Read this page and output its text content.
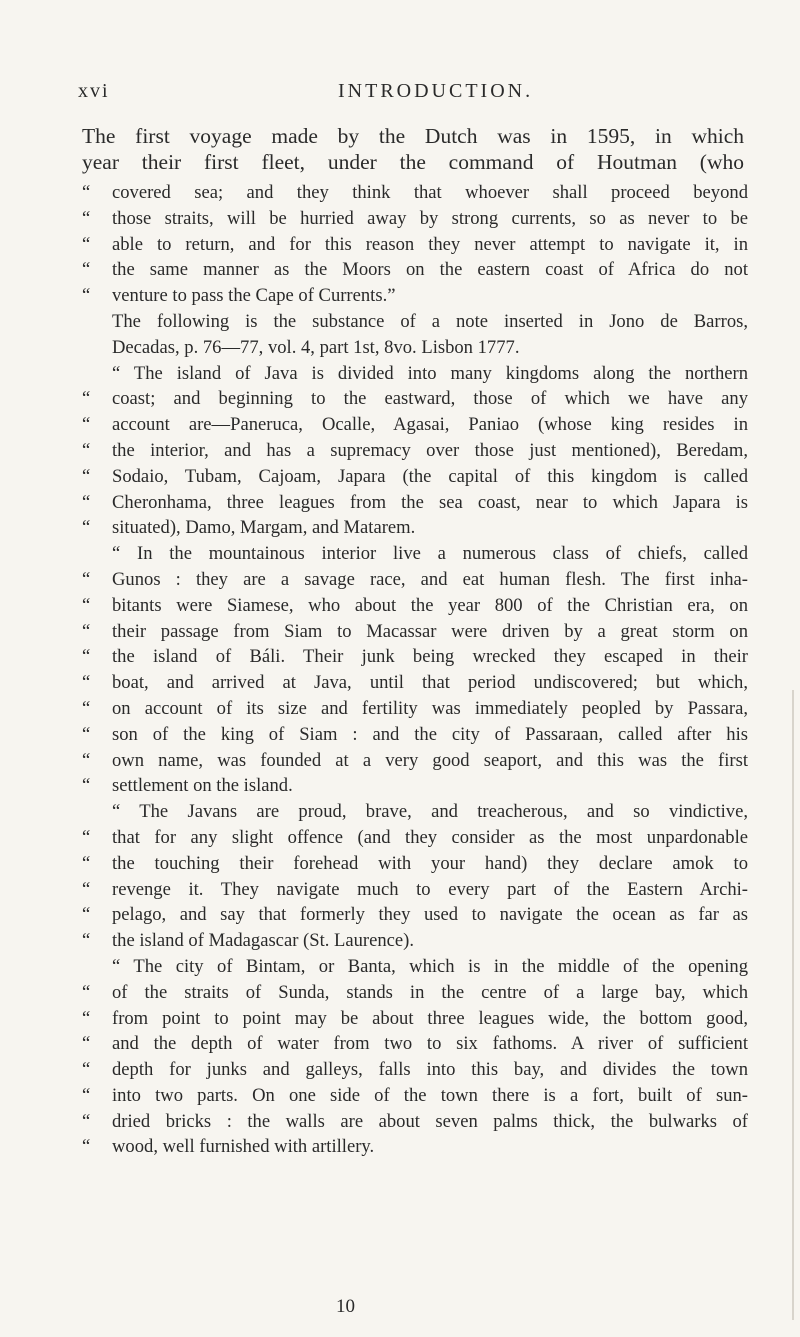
xvi	INTRODUCTION.
The first voyage made by the Dutch was in 1595, in which
year their first fleet, under the command of Houtman (who
“	covered sea; and they think that whoever shall proceed beyond
“	those straits, will be hurried away by strong currents, so as never to be
“	able to return, and for this reason they never attempt to navigate it, in
“	the same manner as the Moors on the eastern coast of Africa do not
“	venture to pass the Cape of Currents.”
The following is the substance of a note inserted in Jono de Barros,
Decadas, p. 76—77, vol. 4, part 1st, 8vo. Lisbon 1777.
“ The island of Java is divided into many kingdoms along the northern
“	coast; and beginning to the eastward, those of which we have any
“	account are—Paneruca, Ocalle, Agasai, Paniao (whose king resides in
“	the interior, and has a supremacy over those just mentioned), Beredam,
“	Sodaio, Tubam, Cajoam, Japara (the capital of this kingdom is called
“	Cheronhama, three leagues from the sea coast, near to which Japara is
“	situated), Damo, Margam, and Matarem.
“ In the mountainous interior live a numerous class of chiefs, called
“	Gunos : they are a savage race, and eat human flesh. The first inha-
“	bitants were Siamese, who about the year 800 of the Christian era, on
“	their passage from Siam to Macassar were driven by a great storm on
“	the island of Báli. Their junk being wrecked they escaped in their
“	boat, and arrived at Java, until that period undiscovered; but which,
“	on account of its size and fertility was immediately peopled by Passara,
“	son of the king of Siam : and the city of Passaraan, called after his
“	own name, was founded at a very good seaport, and this was the first
“	settlement on the island.
“ The Javans are proud, brave, and treacherous, and so vindictive,
“	that for any slight offence (and they consider as the most unpardonable
“	the touching their forehead with your hand) they declare amok to
“	revenge it. They navigate much to every part of the Eastern Archi-
“	pelago, and say that formerly they used to navigate the ocean as far as
“	the island of Madagascar (St. Laurence).
“ The city of Bintam, or Banta, which is in the middle of the opening
“	of the straits of Sunda, stands in the centre of a large bay, which
“	from point to point may be about three leagues wide, the bottom good,
“	and the depth of water from two to six fathoms. A river of sufficient
“	depth for junks and galleys, falls into this bay, and divides the town
“	into two parts. On one side of the town there is a fort, built of sun-
“	dried bricks : the walls are about seven palms thick, the bulwarks of
“	wood, well furnished with artillery.
10
